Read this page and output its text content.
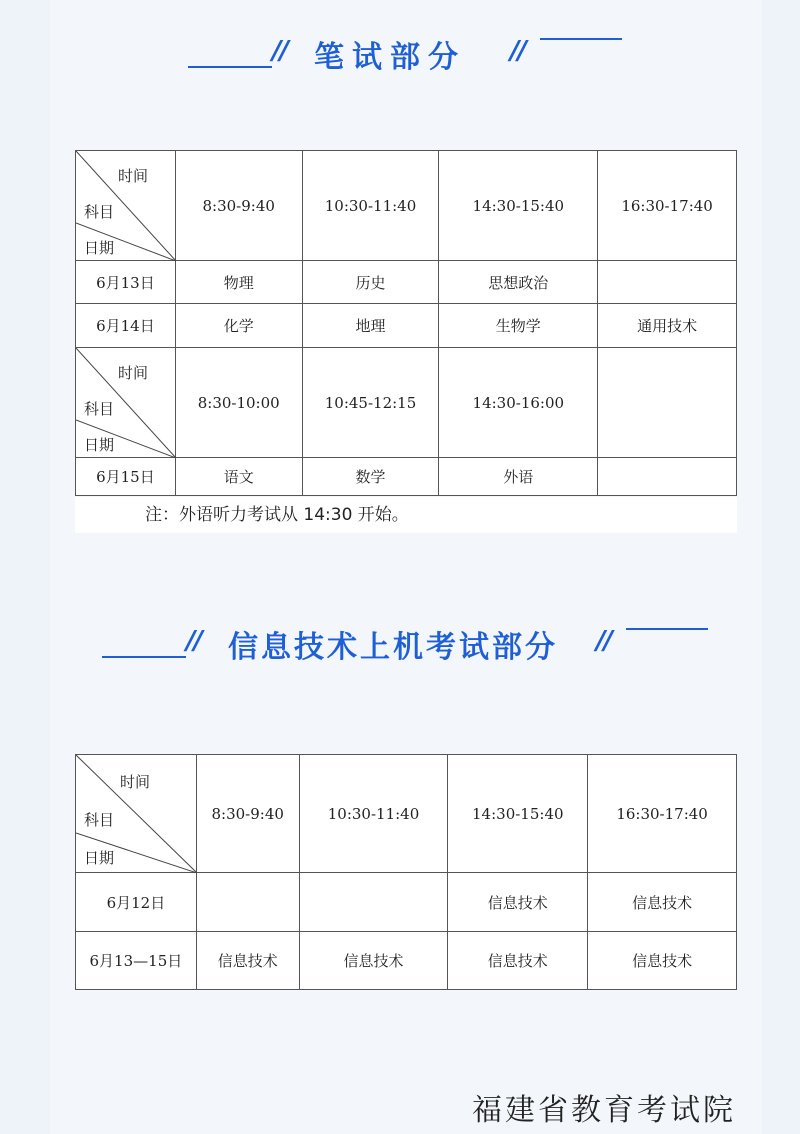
// 笔试部分 //
时间
科目
日期	8:30-9:40	10:30-11:40	14:30-15:40	16:30-17:40
6月13日	物理	历史	思想政治	
6月14日	化学	地理	生物学	通用技术

时间
科目
日期	8:30-10:00	10:45-12:15	14:30-16:00	
6月15日	语文	数学	外语	
注：外语听力考试从 14:30 开始。
// 信息技术上机考试部分 //
时间
科目
日期	8:30-9:40	10:30-11:40	14:30-15:40	16:30-17:40
6月12日			信息技术	信息技术
6月13—15日	信息技术	信息技术	信息技术	信息技术
福建省教育考试院
